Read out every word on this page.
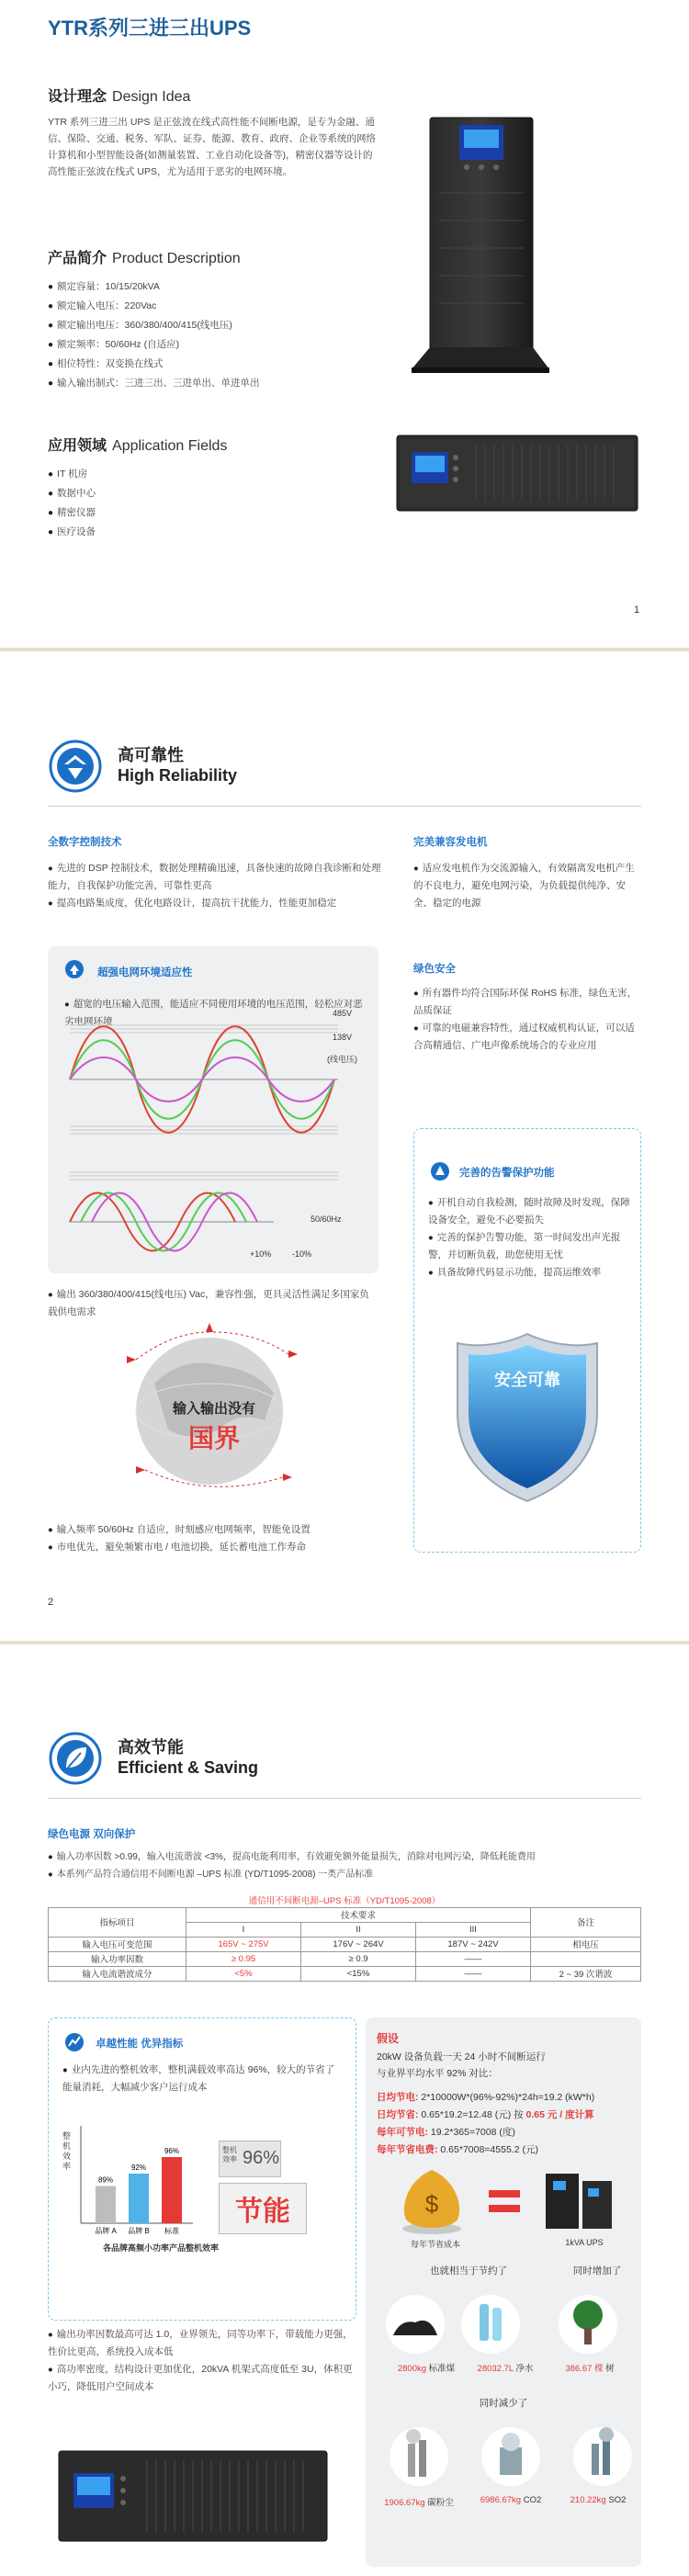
YTR系列三进三出UPS
设计理念 Design Idea
YTR 系列三进三出 UPS 是正弦波在线式高性能不间断电源，是专为金融、通信、保险、交通、税务、军队、证券、能源、教育、政府、企业等系统的网络计算机和小型智能设备(如测量装置、工业自动化设备等)，精密仪器等设计的高性能正弦波在线式 UPS，尤为适用于恶劣的电网环境。
产品简介 Product Description
● 额定容量：10/15/20kVA
● 额定输入电压：220Vac
● 额定输出电压：360/380/400/415(线电压)
● 额定频率：50/60Hz (自适应)
● 相位特性：双变换在线式
● 输入输出制式：三进三出、三进单出、单进单出
应用领域 Application Fields
● IT 机房
● 数据中心
● 精密仪器
● 医疗设备
1
高可靠性
High Reliability
全数字控制技术
● 先进的 DSP 控制技术，数据处理精确迅速，具备快速的故障自我诊断和处理能力，自我保护功能完善，可靠性更高
● 提高电路集成度，优化电路设计，提高抗干扰能力，性能更加稳定
超强电网环境适应性
● 超宽的电压输入范围，能适应不同使用环境的电压范围，轻松应对恶劣电网环境
485V
138V
(线电压)
50/60Hz
+10%	-10%
● 输出 360/380/400/415(线电压) Vac，兼容性强，更具灵活性满足多国家负载供电需求
输入输出没有
国界
● 输入频率 50/60Hz 自适应，时刻感应电网频率，智能免设置
● 市电优先，避免频繁市电 / 电池切换，延长蓄电池工作寿命
完美兼容发电机
● 适应发电机作为交流源输入，有效隔离发电机产生的不良电力，避免电网污染，为负载提供纯净、安全、稳定的电源
绿色安全
● 所有器件均符合国际环保 RoHS 标准，绿色无害，品质保证
● 可靠的电磁兼容特性，通过权威机构认证，可以适合高精通信、广电声像系统场合的专业应用
完善的告警保护功能
● 开机自动自我检测，随时故障及时发现，保障设备安全，避免不必要损失
● 完善的保护告警功能，第一时间发出声光报警，并切断负载，助您使用无忧
● 具备故障代码显示功能，提高运维效率
安全可靠
2
高效节能
Efficient & Saving
绿色电源 双向保护
● 输入功率因数 >0.99，输入电流谐波 <3%，提高电能利用率，有效避免额外能量损失，消除对电网污染，降低耗能费用
● 本系列产品符合通信用不间断电源 –UPS 标准 (YD/T1095-2008) 一类产品标准
通信用不间断电源–UPS 标准（YD/T1095-2008）				
指标项目	技术要求			备注
	I	II	III	
输入电压可变范围	165V ~ 275V	176V ~ 264V	187V ~ 242V	相电压
输入功率因数	≥ 0.95	≥ 0.9	——	
输入电流谐波成分	<5%	<15%	——	2 ~ 39 次谐波
卓越性能 优异指标
● 业内先进的整机效率，整机满载效率高达 96%，较大的节省了能量消耗，大幅减少客户运行成本
整机效率
89%
品牌 A
92%
品牌 B
96%
标准
各品牌高频小功率产品整机效率
整机效率 96%
节能
● 输出功率因数最高可达 1.0，业界领先，同等功率下，带载能力更强，性价比更高，系统投入成本低
● 高功率密度，结构设计更加优化，20kVA 机架式高度低至 3U，体积更小巧，降低用户空间成本
假设
20kW 设备负载一天 24 小时不间断运行
与业界平均水平 92% 对比：
日均节电: 2*10000W*(96%-92%)*24h=19.2 (kW*h)
日均节省: 0.65*19.2=12.48 (元) 按 0.65 元 / 度计算
每年可节电: 19.2*365=7008 (度)
每年节省电费: 0.65*7008=4555.2 (元)
$
每年节省成本	1kVA UPS
也就相当于节约了	同时增加了
2800kg 标准煤	28032.7L 净水	386.67 棵 树
同时减少了
1906.67kg 碳粉尘	6986.67kg CO2	210.22kg SO2
